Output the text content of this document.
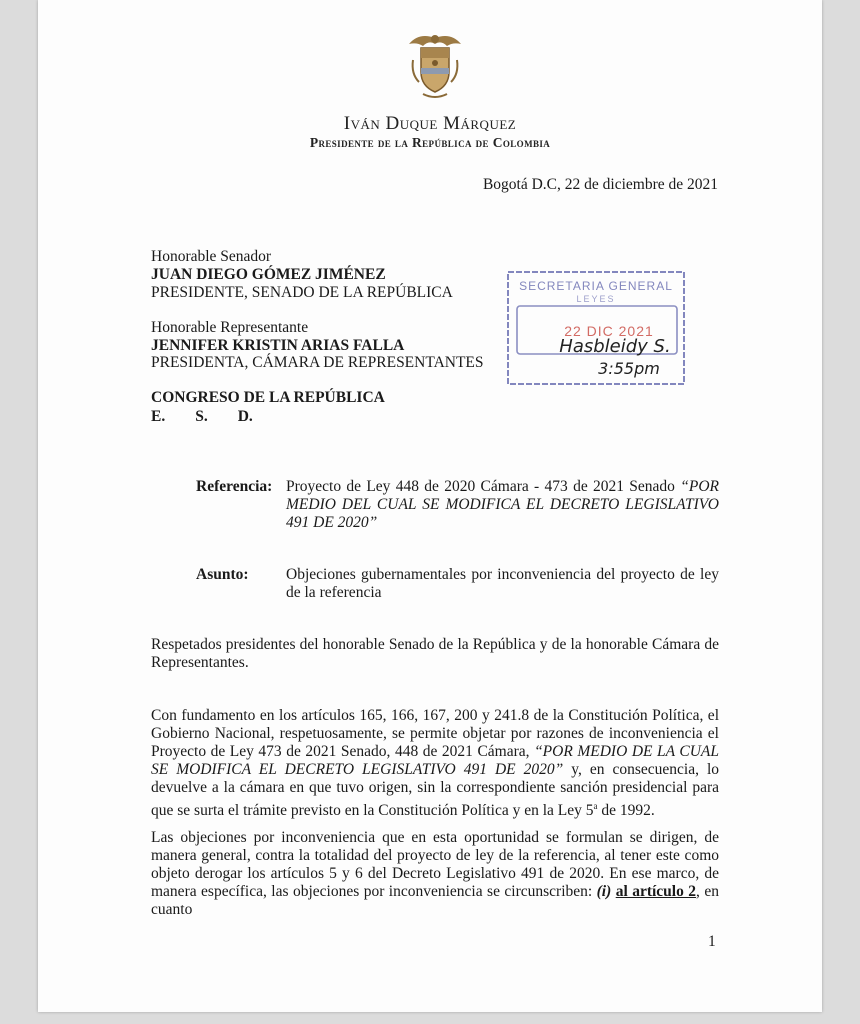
Iván Duque Márquez
Presidente de la República de Colombia
Bogotá D.C, 22 de diciembre de 2021
Honorable Senador
JUAN DIEGO GÓMEZ JIMÉNEZ
PRESIDENTE, SENADO DE LA REPÚBLICA
Honorable Representante
JENNIFER KRISTIN ARIAS FALLA
PRESIDENTA, CÁMARA DE REPRESENTANTES
CONGRESO DE LA REPÚBLICA
E. S. D.
SECRETARIA GENERAL
LEYES
22 DIC 2021
Hasbleidy S.
3:55pm
Referencia: Proyecto de Ley 448 de 2020 Cámara - 473 de 2021 Senado “POR MEDIO DEL CUAL SE MODIFICA EL DECRETO LEGISLATIVO 491 DE 2020”
Asunto: Objeciones gubernamentales por inconveniencia del proyecto de ley de la referencia
Respetados presidentes del honorable Senado de la República y de la honorable Cámara de Representantes.
Con fundamento en los artículos 165, 166, 167, 200 y 241.8 de la Constitución Política, el Gobierno Nacional, respetuosamente, se permite objetar por razones de inconveniencia el Proyecto de Ley 473 de 2021 Senado, 448 de 2021 Cámara, “POR MEDIO DE LA CUAL SE MODIFICA EL DECRETO LEGISLATIVO 491 DE 2020” y, en consecuencia, lo devuelve a la cámara en que tuvo origen, sin la correspondiente sanción presidencial para que se surta el trámite previsto en la Constitución Política y en la Ley 5$^a$ de 1992.
Las objeciones por inconveniencia que en esta oportunidad se formulan se dirigen, de manera general, contra la totalidad del proyecto de ley de la referencia, al tener este como objeto derogar los artículos 5 y 6 del Decreto Legislativo 491 de 2020. En ese marco, de manera específica, las objeciones por inconveniencia se circunscriben: (i) al artículo 2, en cuanto
1
